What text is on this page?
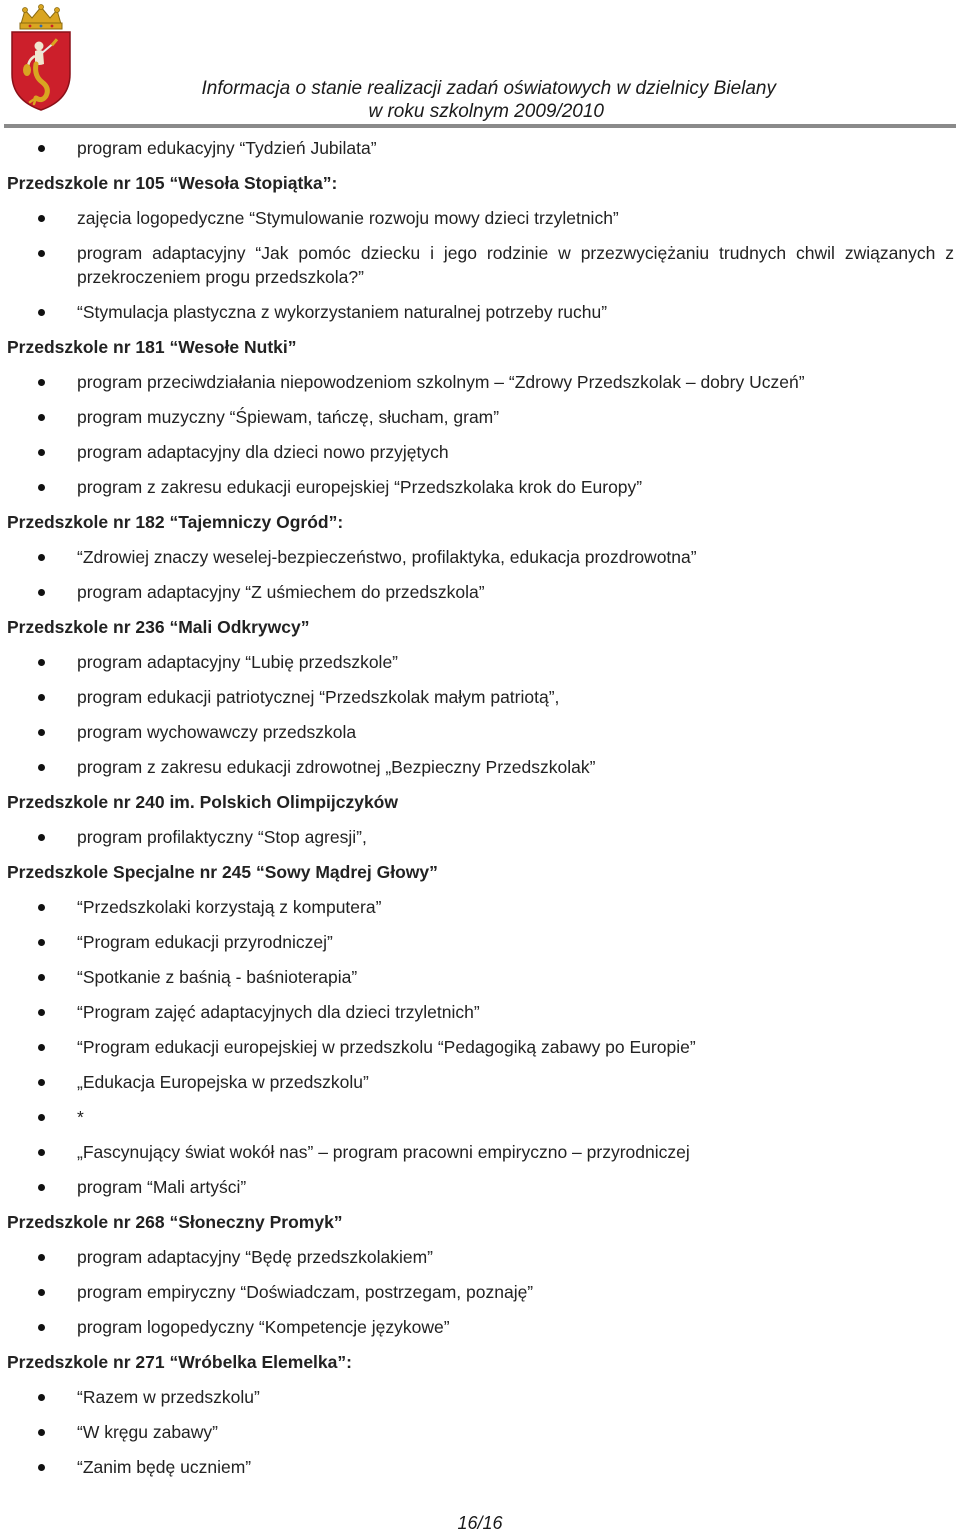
Informacja o stanie realizacji zadań oświatowych w dzielnicy Bielany
w roku szkolnym 2009/2010
program edukacyjny “Tydzień Jubilata”
Przedszkole nr 105 “Wesoła Stopiątka”:
zajęcia logopedyczne “Stymulowanie rozwoju mowy dzieci trzyletnich”
program adaptacyjny “Jak pomóc dziecku i jego rodzinie w przezwyciężaniu trudnych chwil związanych z przekroczeniem progu przedszkola?”
“Stymulacja plastyczna z wykorzystaniem naturalnej potrzeby ruchu”
Przedszkole nr 181 “Wesołe Nutki”
program przeciwdziałania niepowodzeniom szkolnym – “Zdrowy Przedszkolak – dobry Uczeń”
program muzyczny “Śpiewam, tańczę, słucham, gram”
program adaptacyjny dla dzieci nowo przyjętych
program z zakresu edukacji europejskiej “Przedszkolaka krok do Europy”
Przedszkole nr 182 “Tajemniczy Ogród”:
“Zdrowiej znaczy weselej-bezpieczeństwo, profilaktyka, edukacja prozdrowotna”
program adaptacyjny “Z uśmiechem do przedszkola”
Przedszkole nr 236 “Mali Odkrywcy”
program adaptacyjny “Lubię przedszkole”
program edukacji patriotycznej “Przedszkolak małym patriotą”,
program wychowawczy przedszkola
program z zakresu edukacji zdrowotnej „Bezpieczny Przedszkolak”
Przedszkole nr 240 im. Polskich Olimpijczyków
program profilaktyczny “Stop agresji”,
Przedszkole Specjalne nr 245 “Sowy Mądrej Głowy”
“Przedszkolaki korzystają z komputera”
“Program edukacji przyrodniczej”
“Spotkanie z baśnią - baśnioterapia”
“Program zajęć adaptacyjnych dla dzieci trzyletnich”
“Program edukacji europejskiej w przedszkolu “Pedagogiką zabawy po Europie”
„Edukacja Europejska w przedszkolu”
*
„Fascynujący świat wokół nas” – program pracowni empiryczno – przyrodniczej
program “Mali artyści”
Przedszkole nr 268 “Słoneczny Promyk”
program adaptacyjny “Będę przedszkolakiem”
program empiryczny “Doświadczam, postrzegam, poznaję”
program logopedyczny “Kompetencje językowe”
Przedszkole nr 271 “Wróbelka Elemelka”:
“Razem w przedszkolu”
“W kręgu zabawy”
“Zanim będę uczniem”
16/16
